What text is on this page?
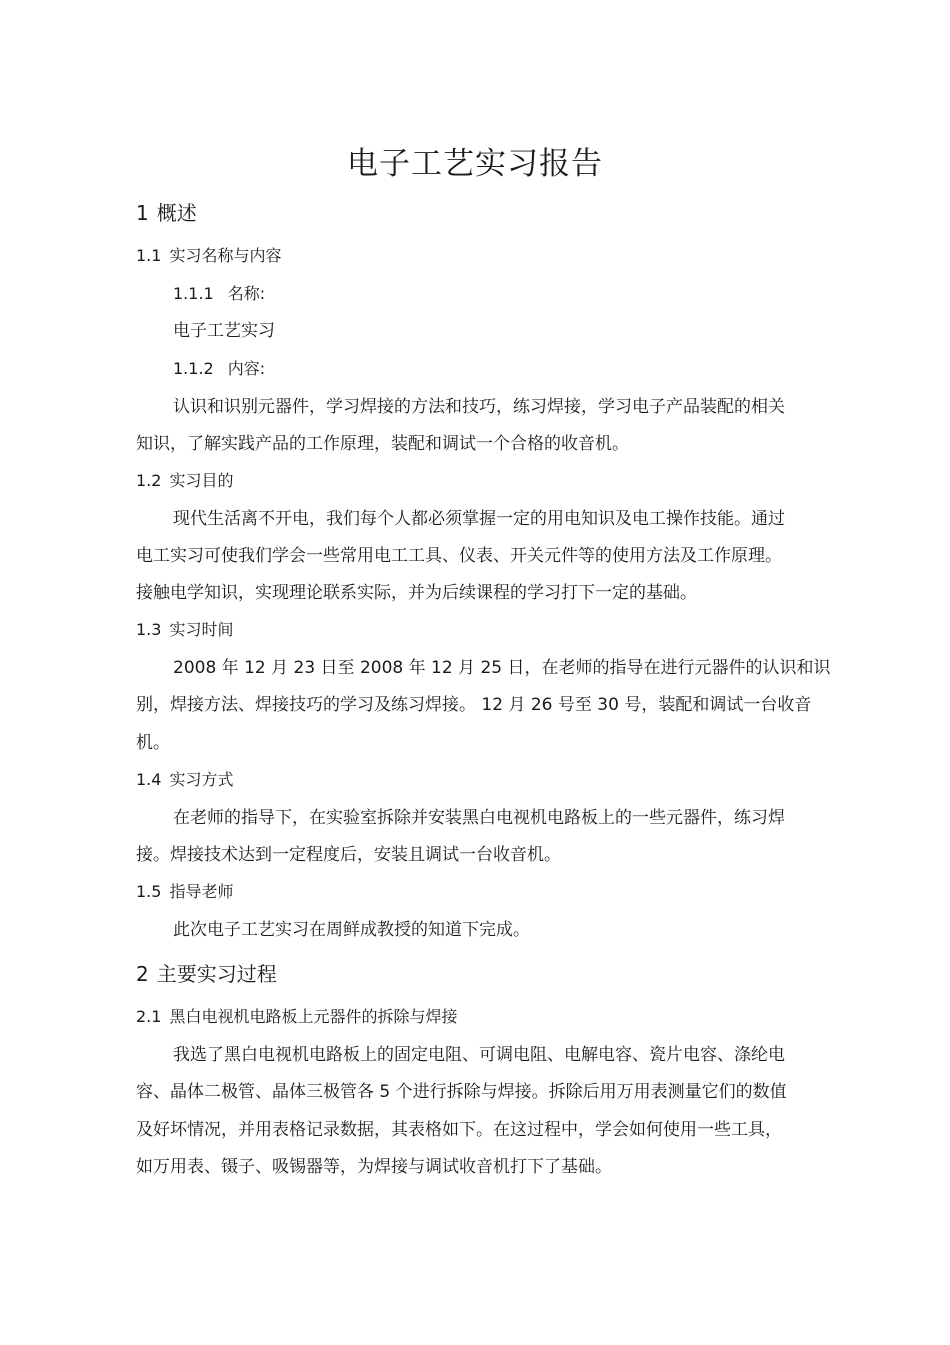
电子工艺实习报告
1 概述
1.1 实习名称与内容
1.1.1 名称:
电子工艺实习
1.1.2 内容:
认识和识别元器件，学习焊接的方法和技巧，练习焊接，学习电子产品装配的相关
知识，了解实践产品的工作原理，装配和调试一个合格的收音机。
1.2 实习目的
现代生活离不开电，我们每个人都必须掌握一定的用电知识及电工操作技能。通过
电工实习可使我们学会一些常用电工工具、仪表、开关元件等的使用方法及工作原理。
接触电学知识，实现理论联系实际，并为后续课程的学习打下一定的基础。
1.3 实习时间
2008 年 12 月 23 日至 2008 年 12 月 25 日，在老师的指导在进行元器件的认识和识
别，焊接方法、焊接技巧的学习及练习焊接。 12 月 26 号至 30 号，装配和调试一台收音
机。
1.4 实习方式
在老师的指导下，在实验室拆除并安装黑白电视机电路板上的一些元器件，练习焊
接。焊接技术达到一定程度后，安装且调试一台收音机。
1.5 指导老师
此次电子工艺实习在周鲜成教授的知道下完成。
2 主要实习过程
2.1 黑白电视机电路板上元器件的拆除与焊接
我选了黑白电视机电路板上的固定电阻、可调电阻、电解电容、瓷片电容、涤纶电
容、晶体二极管、晶体三极管各 5 个进行拆除与焊接。拆除后用万用表测量它们的数值
及好坏情况，并用表格记录数据，其表格如下。在这过程中，学会如何使用一些工具，
如万用表、镊子、吸锡器等，为焊接与调试收音机打下了基础。
